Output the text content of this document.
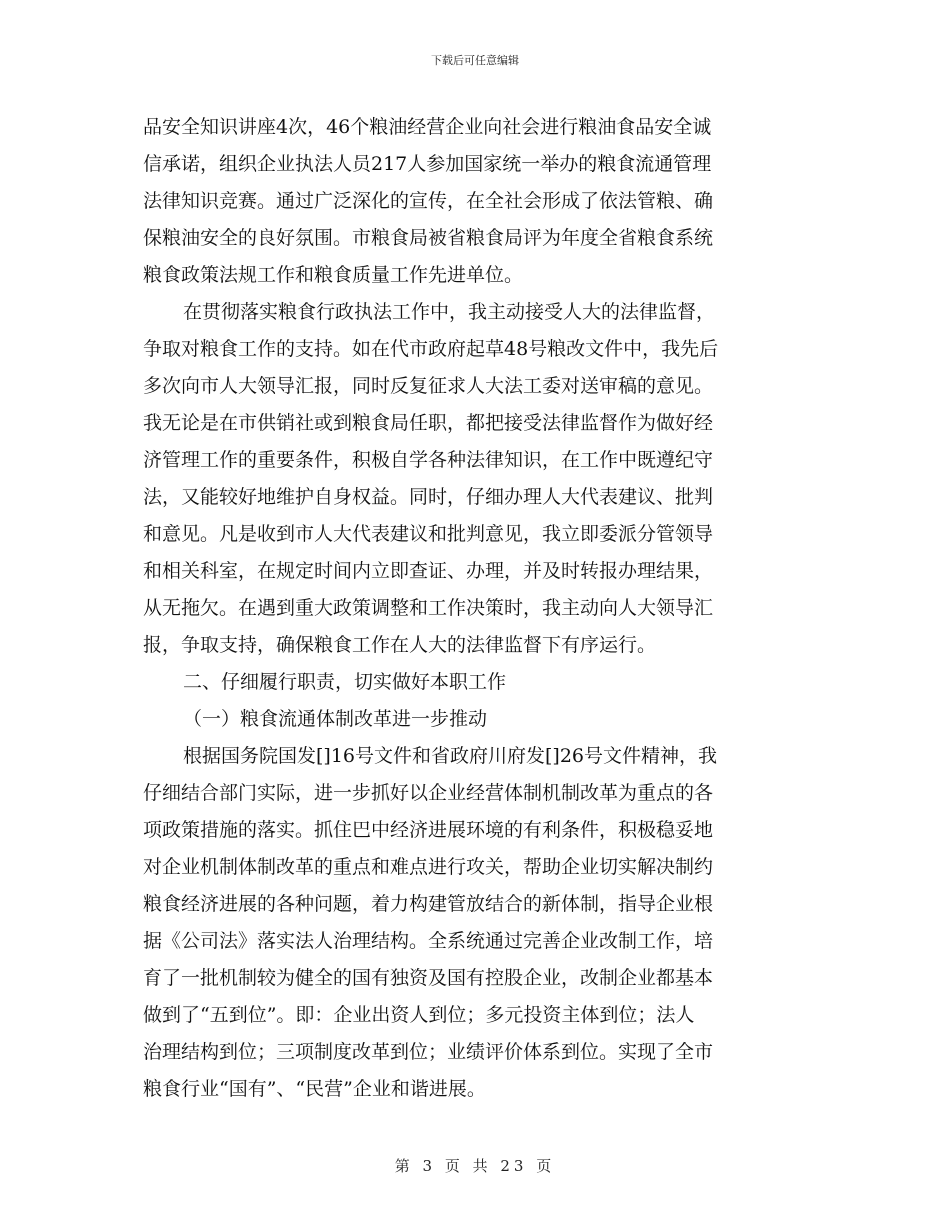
下载后可任意编辑
品安全知识讲座4次，46个粮油经营企业向社会进行粮油食品安全诚
信承诺，组织企业执法人员217人参加国家统一举办的粮食流通管理
法律知识竞赛。通过广泛深化的宣传，在全社会形成了依法管粮、确
保粮油安全的良好氛围。市粮食局被省粮食局评为年度全省粮食系统
粮食政策法规工作和粮食质量工作先进单位。
在贯彻落实粮食行政执法工作中，我主动接受人大的法律监督，
争取对粮食工作的支持。如在代市政府起草48号粮改文件中，我先后
多次向市人大领导汇报，同时反复征求人大法工委对送审稿的意见。
我无论是在市供销社或到粮食局任职，都把接受法律监督作为做好经
济管理工作的重要条件，积极自学各种法律知识，在工作中既遵纪守
法，又能较好地维护自身权益。同时，仔细办理人大代表建议、批判
和意见。凡是收到市人大代表建议和批判意见，我立即委派分管领导
和相关科室，在规定时间内立即查证、办理，并及时转报办理结果，
从无拖欠。在遇到重大政策调整和工作决策时，我主动向人大领导汇
报，争取支持，确保粮食工作在人大的法律监督下有序运行。
二、仔细履行职责，切实做好本职工作
（一）粮食流通体制改革进一步推动
根据国务院国发[]16号文件和省政府川府发[]26号文件精神，我
仔细结合部门实际，进一步抓好以企业经营体制机制改革为重点的各
项政策措施的落实。抓住巴中经济进展环境的有利条件，积极稳妥地
对企业机制体制改革的重点和难点进行攻关，帮助企业切实解决制约
粮食经济进展的各种问题，着力构建管放结合的新体制，指导企业根
据《公司法》落实法人治理结构。全系统通过完善企业改制工作，培
育了一批机制较为健全的国有独资及国有控股企业，改制企业都基本
做到了“五到位”。即：企业出资人到位；多元投资主体到位；法人
治理结构到位；三项制度改革到位；业绩评价体系到位。实现了全市
粮食行业“国有”、“民营”企业和谐进展。
第 3 页 共 23 页
